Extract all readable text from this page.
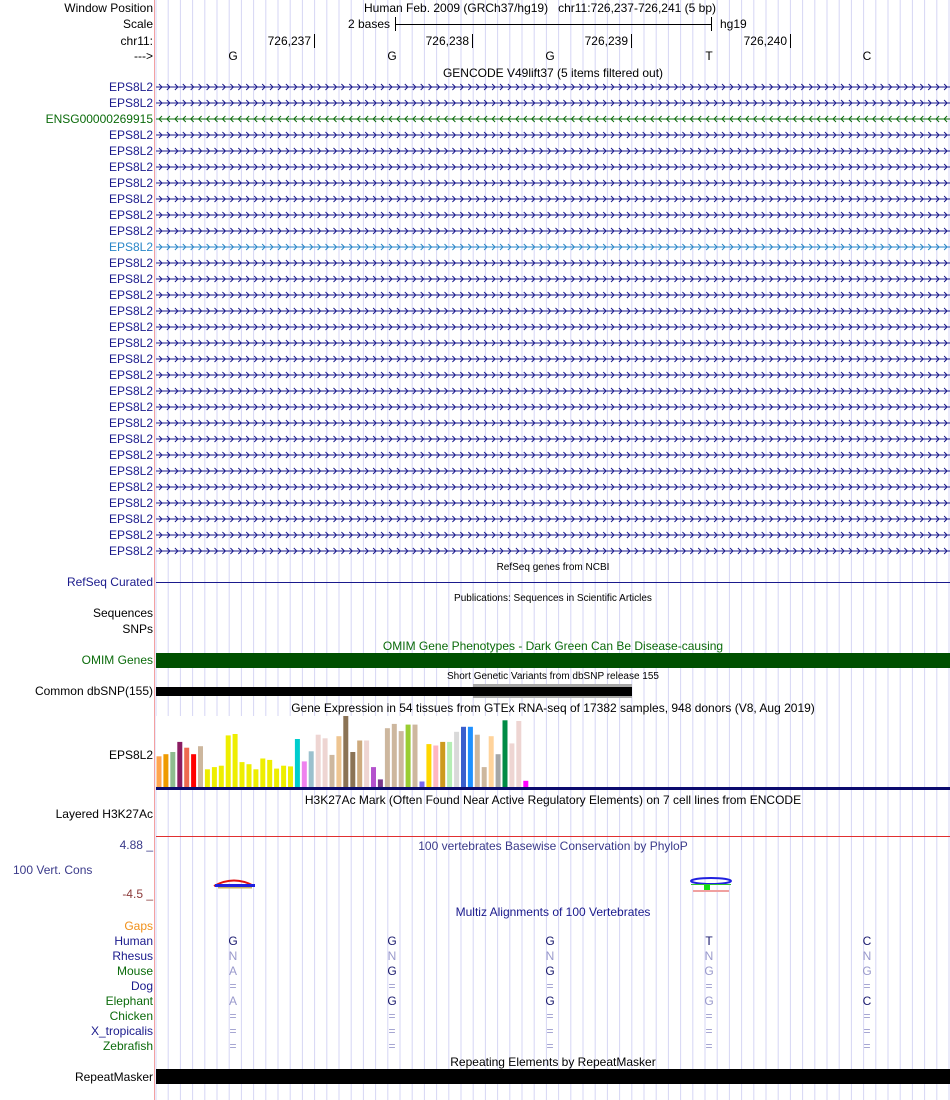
Window Position	Human Feb. 2009 (GRCh37/hg19)   chr11:726,237-726,241 (5 bp)
Scale	2 bases	hg19
chr11:	726,237	726,238	726,239	726,240
--->	G	G	G	T	C
GENCODE V49lift37 (5 items filtered out)
EPS8L2
EPS8L2
ENSG00000269915
EPS8L2
EPS8L2
EPS8L2
EPS8L2
EPS8L2
EPS8L2
EPS8L2
EPS8L2
EPS8L2
EPS8L2
EPS8L2
EPS8L2
EPS8L2
EPS8L2
EPS8L2
EPS8L2
EPS8L2
EPS8L2
EPS8L2
EPS8L2
EPS8L2
EPS8L2
EPS8L2
EPS8L2
EPS8L2
EPS8L2
EPS8L2
RefSeq genes from NCBI
RefSeq Curated
Publications: Sequences in Scientific Articles
Sequences
SNPs
OMIM Gene Phenotypes - Dark Green Can Be Disease-causing
OMIM Genes
Short Genetic Variants from dbSNP release 155
Common dbSNP(155)
Gene Expression in 54 tissues from GTEx RNA-seq of 17382 samples, 948 donors (V8, Aug 2019)
EPS8L2
H3K27Ac Mark (Often Found Near Active Regulatory Elements) on 7 cell lines from ENCODE
Layered H3K27Ac
4.88 _	100 vertebrates Basewise Conservation by PhyloP
100 Vert. Cons
-4.5 _
Multiz Alignments of 100 Vertebrates
Gaps
Human	G	G	G	T	C
Rhesus	N	N	N	N	N
Mouse	A	G	G	G	G
Dog	=	=	=	=	=
Elephant	A	G	G	G	C
Chicken	=	=	=	=	=
X_tropicalis	=	=	=	=	=
Zebrafish	=	=	=	=	=
Repeating Elements by RepeatMasker
RepeatMasker
